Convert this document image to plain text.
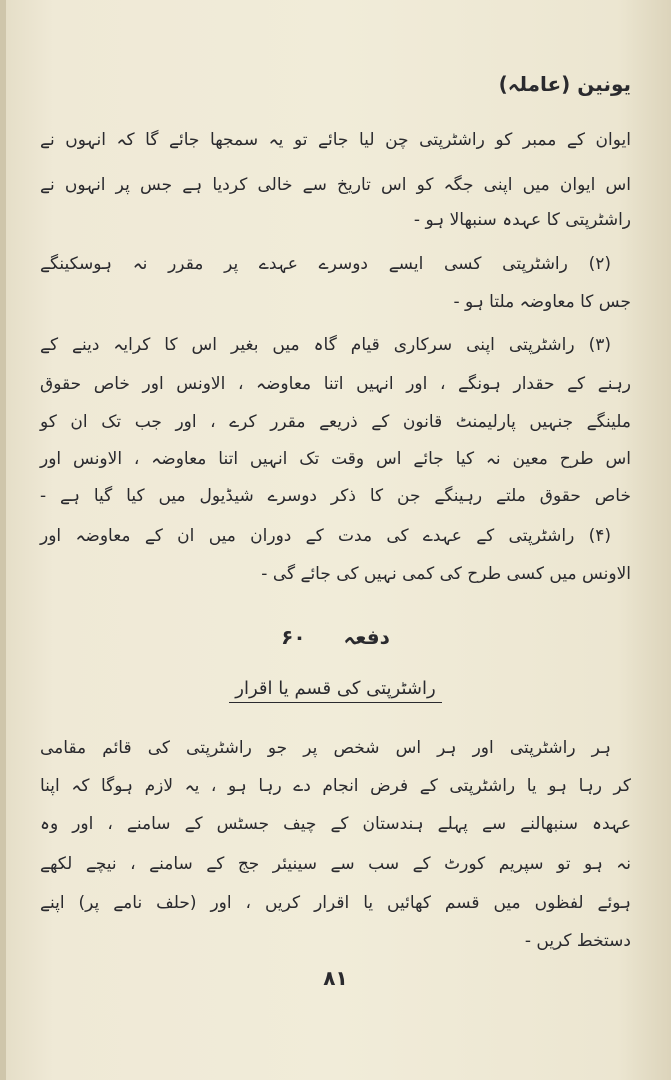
یونین (عاملہ)
ایوان کے ممبر کو راشٹرپتی چن لیا جائے تو یہ سمجھا جائے گا کہ انہوں نے
اس ایوان میں اپنی جگہ کو اس تاریخ سے خالی کردیا ہے جس پر انہوں نے
راشٹرپتی کا عہدہ سنبھالا ہو -
(۲) راشٹرپتی کسی ایسے دوسرے عہدے پر مقرر نہ ہوسکینگے
جس کا معاوضہ ملتا ہو -
(۳) راشٹرپتی اپنی سرکاری قیام گاہ میں بغیر اس کا کرایہ دینے کے
رہنے کے حقدار ہونگے ، اور انہیں اتنا معاوضہ ، الاونس اور خاص حقوق
ملینگے جنہیں پارلیمنٹ قانون کے ذریعے مقرر کرے ، اور جب تک ان کو
اس طرح معین نہ کیا جائے اس وقت تک انہیں اتنا معاوضہ ، الاونس اور
خاص حقوق ملتے رہینگے جن کا ذکر دوسرے شیڈیول میں کیا گیا ہے -
(۴) راشٹرپتی کے عہدے کی مدت کے دوران میں ان کے معاوضہ اور
الاونس میں کسی طرح کی کمی نہیں کی جائے گی -
دفعہ  ۶۰
راشٹرپتی کی قسم یا اقرار
ہر راشٹرپتی اور ہر اس شخص پر جو راشٹرپتی کی قائم مقامی
کر رہا ہو یا راشٹرپتی کے فرض انجام دے رہا ہو ، یہ لازم ہوگا کہ اپنا
عہدہ سنبھالنے سے پہلے ہندستان کے چیف جسٹس کے سامنے ، اور وہ
نہ ہو تو سپریم کورٹ کے سب سے سینیئر جج کے سامنے ، نیچے لکھے
ہوئے لفظوں میں قسم کھائیں یا اقرار کریں ، اور (حلف نامے پر) اپنے
دستخط کریں -
۸۱
